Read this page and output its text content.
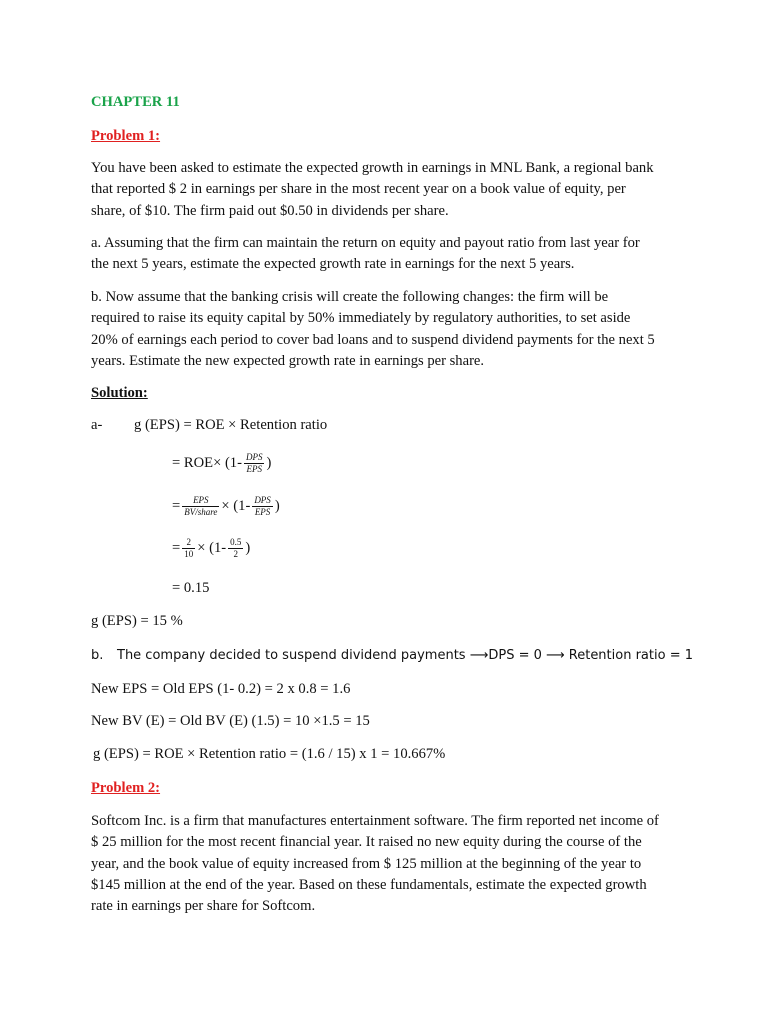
CHAPTER 11
Problem 1:
You have been asked to estimate the expected growth in earnings in MNL Bank, a regional bank
that reported $ 2 in earnings per share in the most recent year on a book value of equity, per
share, of $10. The firm paid out $0.50 in dividends per share.
a. Assuming that the firm can maintain the return on equity and payout ratio from last year for
the next 5 years, estimate the expected growth rate in earnings for the next 5 years.
b. Now assume that the banking crisis will create the following changes: the firm will be
required to raise its equity capital by 50% immediately by regulatory authorities, to set aside
20% of earnings each period to cover bad loans and to suspend dividend payments for the next 5
years. Estimate the new expected growth rate in earnings per share.
Solution:
a- g (EPS) = ROE × Retention ratio
= $ROE\times (1- \frac{\text{DPS}}{\text{EPS}}$ )
= $\frac{\text{EPS}}{\text{BV/share}} \times (1- \frac{\text{DPS}}{\text{EPS}}$ )
= $\frac{2}{10} \times (1- \frac{0.5}{2}$ )
= 0.15
g (EPS) = 15 %
b. The company decided to suspend dividend payments ⟶DPS = 0 ⟶ Retention ratio = 1
New EPS = Old EPS (1- 0.2) = 2 x 0.8 = 1.6
New BV (E) = Old BV (E) (1.5) = 10 ×1.5 = 15
g (EPS) = ROE × Retention ratio = (1.6 / 15) x 1 = 10.667%
Problem 2:
Softcom Inc. is a firm that manufactures entertainment software. The firm reported net income of
$ 25 million for the most recent financial year. It raised no new equity during the course of the
year, and the book value of equity increased from $ 125 million at the beginning of the year to
$145 million at the end of the year. Based on these fundamentals, estimate the expected growth
rate in earnings per share for Softcom.
